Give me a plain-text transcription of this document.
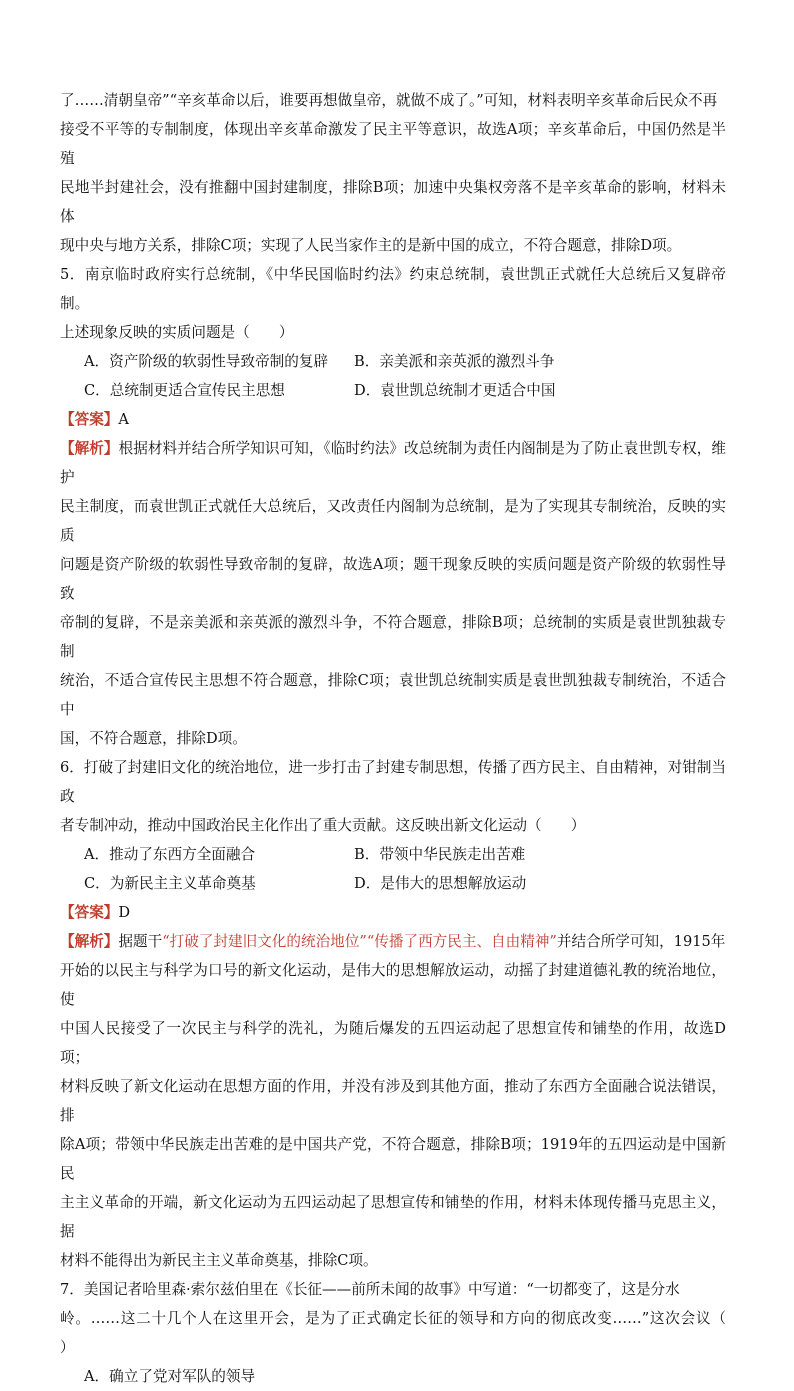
了……清朝皇帝”“辛亥革命以后，谁要再想做皇帝，就做不成了。”可知，材料表明辛亥革命后民众不再

接受不平等的专制制度，体现出辛亥革命激发了民主平等意识，故选A项；辛亥革命后，中国仍然是半殖

民地半封建社会，没有推翻中国封建制度，排除B项；加速中央集权旁落不是辛亥革命的影响，材料未体

现中央与地方关系，排除C项；实现了人民当家作主的是新中国的成立，不符合题意，排除D项。

5．南京临时政府实行总统制，《中华民国临时约法》约束总统制，袁世凯正式就任大总统后又复辟帝制。

上述现象反映的实质问题是（　　）

A．资产阶级的软弱性导致帝制的复辟	B．亲美派和亲英派的激烈斗争
C．总统制更适合宣传民主思想	D．袁世凯总统制才更适合中国

【答案】A

【解析】根据材料并结合所学知识可知，《临时约法》改总统制为责任内阁制是为了防止袁世凯专权，维护

民主制度，而袁世凯正式就任大总统后，又改责任内阁制为总统制，是为了实现其专制统治，反映的实质

问题是资产阶级的软弱性导致帝制的复辟，故选A项；题干现象反映的实质问题是资产阶级的软弱性导致

帝制的复辟，不是亲美派和亲英派的激烈斗争，不符合题意，排除B项；总统制的实质是袁世凯独裁专制

统治，不适合宣传民主思想不符合题意，排除C项；袁世凯总统制实质是袁世凯独裁专制统治，不适合中

国，不符合题意，排除D项。

6．打破了封建旧文化的统治地位，进一步打击了封建专制思想，传播了西方民主、自由精神，对钳制当政

者专制冲动，推动中国政治民主化作出了重大贡献。这反映出新文化运动（　　）

A．推动了东西方全面融合	B．带领中华民族走出苦难
C．为新民主主义革命奠基	D．是伟大的思想解放运动

【答案】D

【解析】据题干“打破了封建旧文化的统治地位”“传播了西方民主、自由精神”并结合所学可知，1915年

开始的以民主与科学为口号的新文化运动，是伟大的思想解放运动，动摇了封建道德礼教的统治地位，使

中国人民接受了一次民主与科学的洗礼，为随后爆发的五四运动起了思想宣传和铺垫的作用，故选D项；

材料反映了新文化运动在思想方面的作用，并没有涉及到其他方面，推动了东西方全面融合说法错误，排

除A项；带领中华民族走出苦难的是中国共产党，不符合题意，排除B项；1919年的五四运动是中国新民

主主义革命的开端，新文化运动为五四运动起了思想宣传和铺垫的作用，材料未体现传播马克思主义，据

材料不能得出为新民主主义革命奠基，排除C项。

7．美国记者哈里森·索尔兹伯里在《长征——前所未闻的故事》中写道：“一切都变了，这是分水

岭。……这二十几个人在这里开会，是为了正式确定长征的领导和方向的彻底改变……”这次会议（　　）

A．确立了党对军队的领导
